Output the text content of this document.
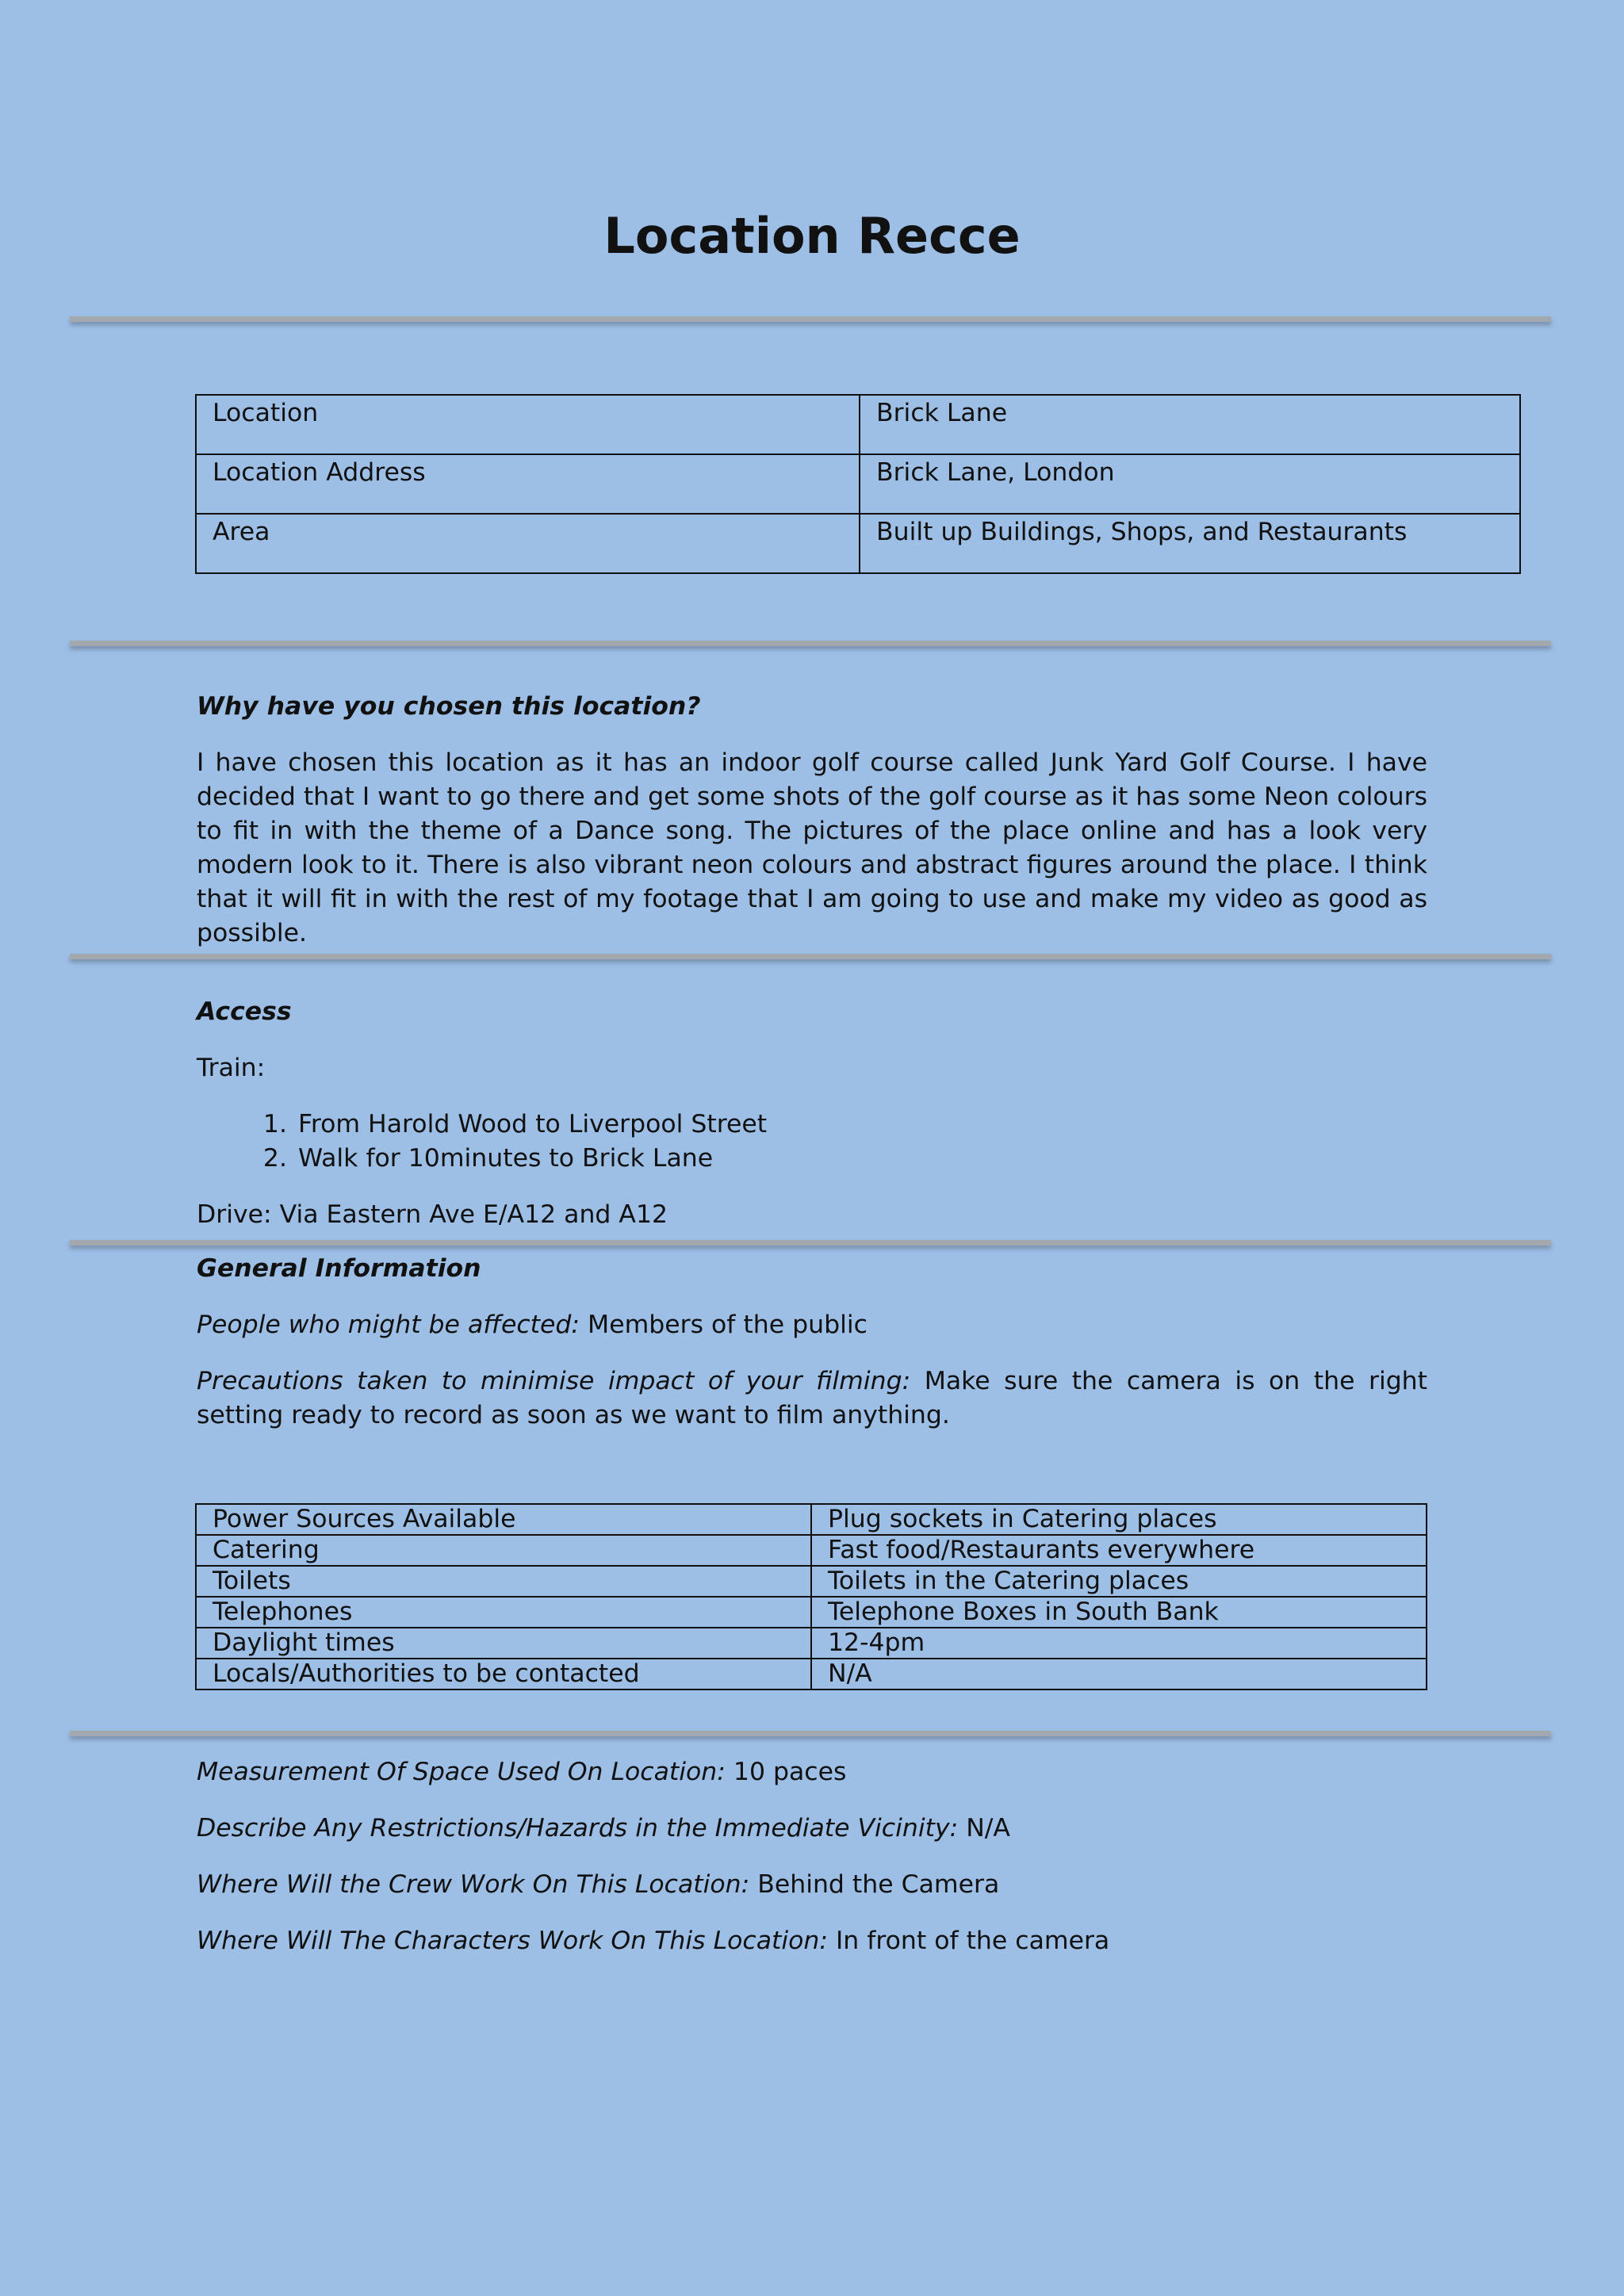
Location Recce
Location	Brick Lane
Location Address	Brick Lane, London
Area	Built up Buildings, Shops, and Restaurants

Why have you chosen this location?

I have chosen this location as it has an indoor golf course called Junk Yard Golf Course. I have decided that I want to go there and get some shots of the golf course as it has some Neon colours to fit in with the theme of a Dance song. The pictures of the place online and has a look very modern look to it. There is also vibrant neon colours and abstract figures around the place. I think that it will fit in with the rest of my footage that I am going to use and make my video as good as possible.

Access

Train:

1. From Harold Wood to Liverpool Street
2. Walk for 10minutes to Brick Lane

Drive: Via Eastern Ave E/A12 and A12

General Information

People who might be affected: Members of the public

Precautions taken to minimise impact of your filming: Make sure the camera is on the right setting ready to record as soon as we want to film anything.

Power Sources Available	Plug sockets in Catering places
Catering	Fast food/Restaurants everywhere
Toilets	Toilets in the Catering places
Telephones	Telephone Boxes in South Bank
Daylight times	12-4pm
Locals/Authorities to be contacted	N/A

Measurement Of Space Used On Location: 10 paces

Describe Any Restrictions/Hazards in the Immediate Vicinity: N/A

Where Will the Crew Work On This Location: Behind the Camera

Where Will The Characters Work On This Location: In front of the camera
